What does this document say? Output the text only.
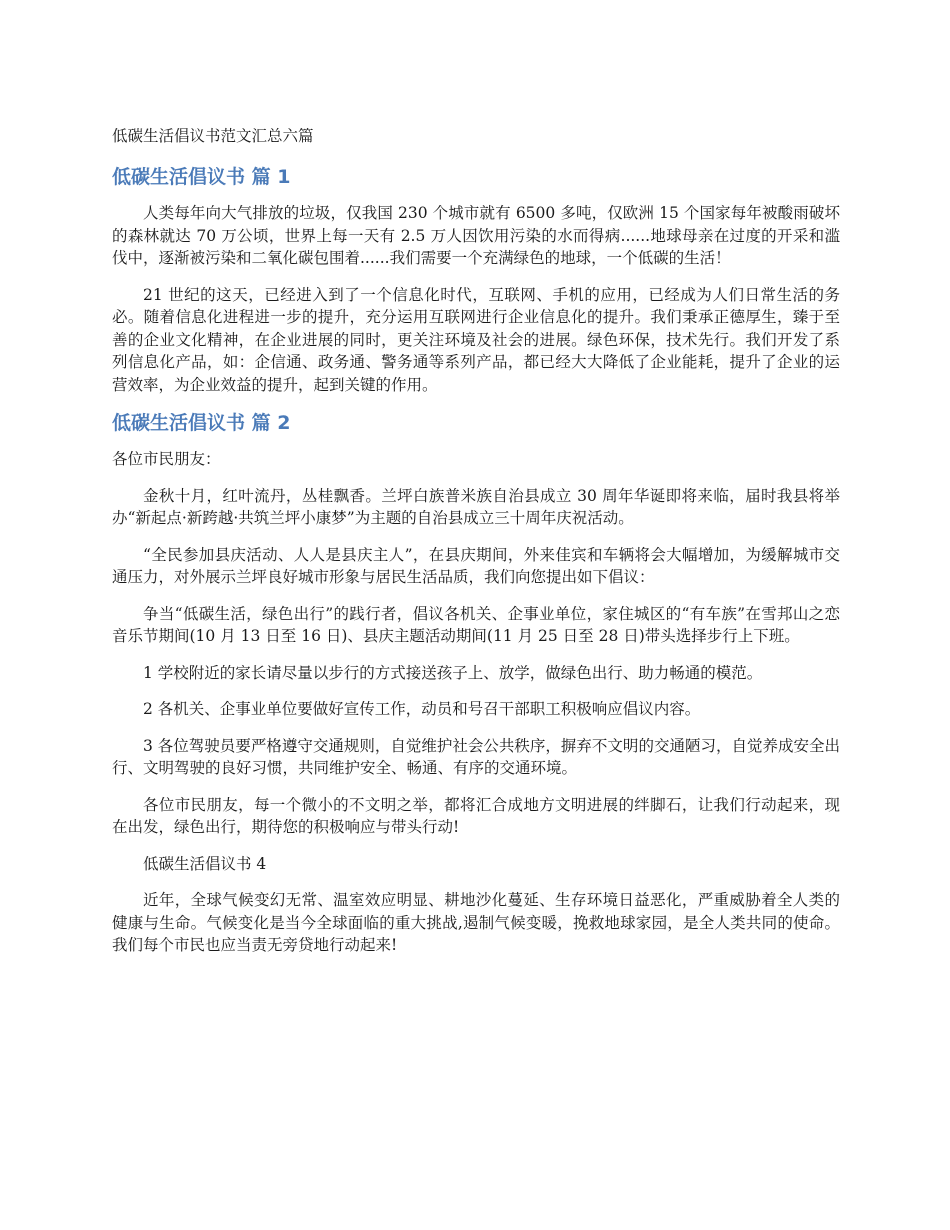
低碳生活倡议书范文汇总六篇
低碳生活倡议书 篇 1

人类每年向大气排放的垃圾，仅我国 230 个城市就有 6500 多吨，仅欧洲 15 个国家每年被酸雨破坏的森林就达 70 万公顷，世界上每一天有 2.5 万人因饮用污染的水而得病......地球母亲在过度的开采和滥伐中，逐渐被污染和二氧化碳包围着......我们需要一个充满绿色的地球，一个低碳的生活！

21 世纪的这天，已经进入到了一个信息化时代，互联网、手机的应用，已经成为人们日常生活的务必。随着信息化进程进一步的提升，充分运用互联网进行企业信息化的提升。我们秉承正德厚生，臻于至善的企业文化精神，在企业进展的同时，更关注环境及社会的进展。绿色环保，技术先行。我们开发了系列信息化产品，如：企信通、政务通、警务通等系列产品，都已经大大降低了企业能耗，提升了企业的运营效率，为企业效益的提升，起到关键的作用。

低碳生活倡议书 篇 2

各位市民朋友：

金秋十月，红叶流丹，丛桂飘香。兰坪白族普米族自治县成立 30 周年华诞即将来临，届时我县将举办“新起点·新跨越·共筑兰坪小康梦”为主题的自治县成立三十周年庆祝活动。

“全民参加县庆活动、人人是县庆主人”，在县庆期间，外来佳宾和车辆将会大幅增加，为缓解城市交通压力，对外展示兰坪良好城市形象与居民生活品质，我们向您提出如下倡议：

争当“低碳生活，绿色出行”的践行者，倡议各机关、企事业单位，家住城区的“有车族”在雪邦山之恋音乐节期间(10 月 13 日至 16 日)、县庆主题活动期间(11 月 25 日至 28 日)带头选择步行上下班。

1 学校附近的家长请尽量以步行的方式接送孩子上、放学，做绿色出行、助力畅通的模范。

2 各机关、企事业单位要做好宣传工作，动员和号召干部职工积极响应倡议内容。

3 各位驾驶员要严格遵守交通规则，自觉维护社会公共秩序，摒弃不文明的交通陋习，自觉养成安全出行、文明驾驶的良好习惯，共同维护安全、畅通、有序的交通环境。

各位市民朋友，每一个微小的不文明之举，都将汇合成地方文明进展的绊脚石，让我们行动起来，现在出发，绿色出行，期待您的积极响应与带头行动!

低碳生活倡议书 4

近年，全球气候变幻无常、温室效应明显、耕地沙化蔓延、生存环境日益恶化，严重威胁着全人类的健康与生命。气候变化是当今全球面临的重大挑战,遏制气候变暖，挽救地球家园，是全人类共同的使命。我们每个市民也应当责无旁贷地行动起来!
